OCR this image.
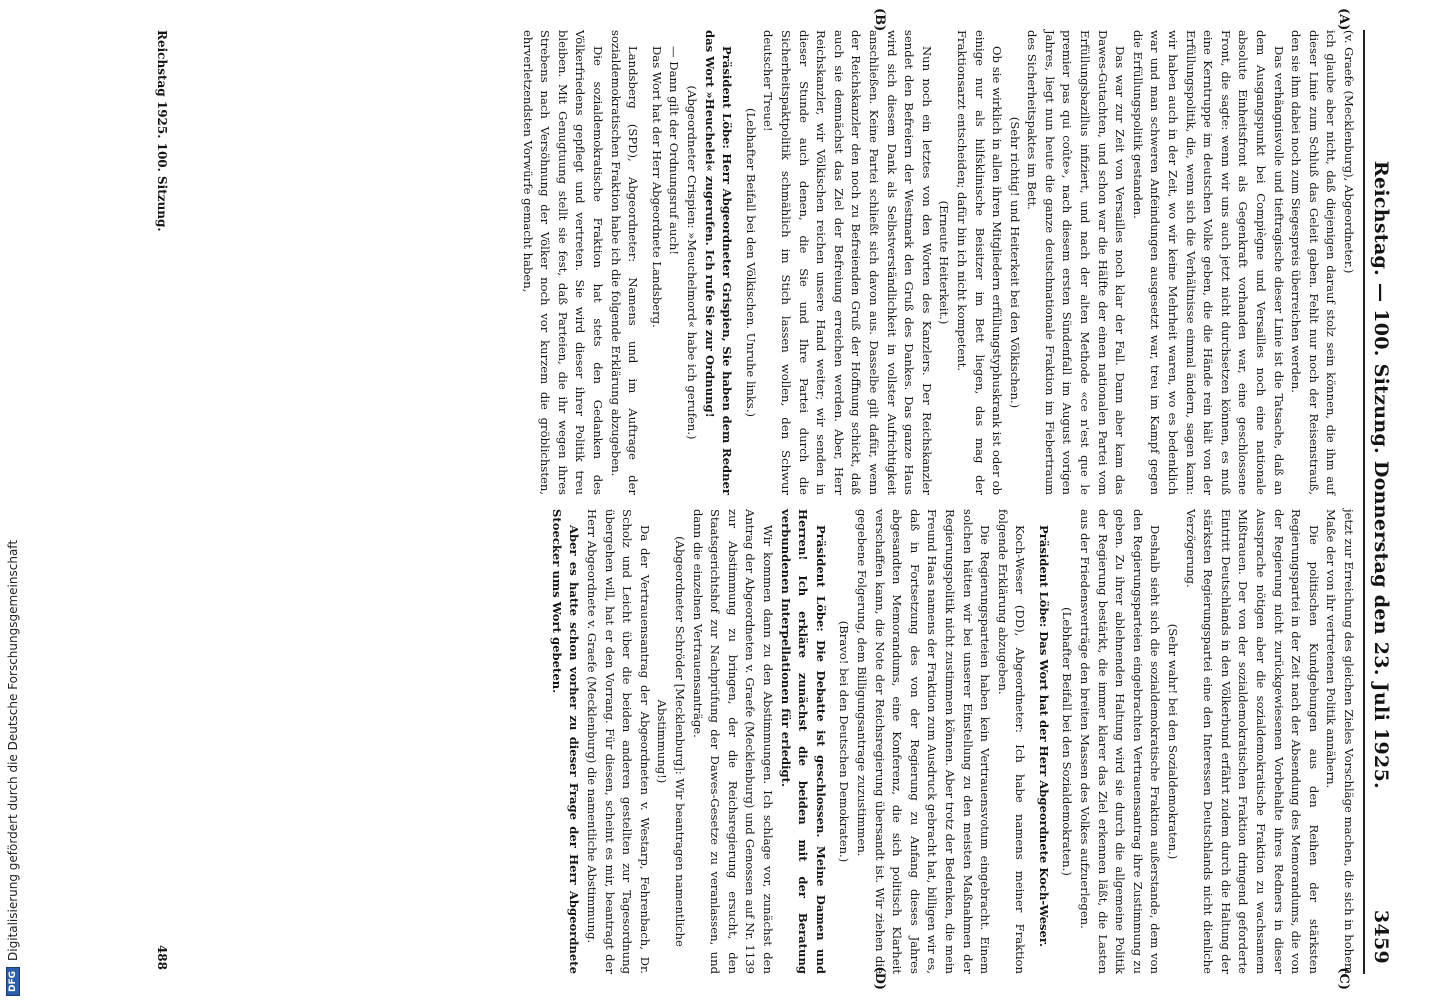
Reichstag. — 100. Sitzung. Donnerstag den 23. Juli 1925.
3459

(v. Graefe (Mecklenburg), Abgeordneter.)

ich glaube aber nicht, daß diejenigen darauf stolz sein können, die ihm auf dieser Linie zum Schluß das Geleit gaben. Fehlt nur noch der Reisenstrauß, den sie ihm dabei noch zum Siegespreis überreichen werden.

Das verhängnisvolle und tieftragische dieser Linie ist die Tatsache, daß an dem Ausgangspunkt bei Compiègne und Versailles noch eine nationale absolute Einheitsfront als Gegenkraft vorhanden war, eine geschlossene Front, die sagte: wenn wir uns auch jetzt nicht durchsetzen können, es muß eine Kerntruppe im deutschen Volke geben, die die Hände rein hält von der Erfüllungspolitik, die, wenn sich die Verhältnisse einmal ändern, sagen kann: wir haben auch in der Zeit, wo wir keine Mehrheit waren, wo es bedenklich war und man schweren Anfeindungen ausgesetzt war, treu im Kampf gegen die Erfüllungspolitik gestanden.

Das war zur Zeit von Versailles noch klar der Fall. Dann aber kam das Dawes-Gutachten, und schon war die Hälfte der einen nationalen Partei vom Erfüllungsbazillus infiziert, und nach der alten Methode «ce n'est que le premier pas qui coûte», nach diesem ersten Sündenfall im August vorigen Jahres, liegt nun heute die ganze deutschnationale Fraktion im Fiebertraum des Sicherheitspaktes im Bett.

(Sehr richtig! und Heiterkeit bei den Völkischen.)

Ob sie wirklich in allen ihren Mitgliedern erfüllungstyphuskrank ist oder ob einige nur als hilfsklinische Beisitzer im Bett liegen, das mag der Fraktionsarzt entscheiden; dafür bin ich nicht kompetent.

(Erneute Heiterkeit.)

Nun noch ein letztes von den Worten des Kanzlers. Der Reichskanzler sendet den Befreiern der Westmark den Gruß des Dankes. Das ganze Haus wird sich diesem Dank als Selbstverständlichkeit in vollster Aufrichtigkeit anschließen. Keine Partei schließt sich davon aus. Dasselbe gilt dafür, wenn der Reichskanzler den noch zu Befreienden Gruß der Hoffnung schickt, daß auch sie demnächst das Ziel der Befreiung erreichen werden. Aber, Herr Reichskanzler, wir Völkischen reichen unsere Hand weiter; wir senden in dieser Stunde auch denen, die Sie und Ihre Partei durch die Sicherheitspaktpolitik schmählich im Stich lassen wollen, den Schwur deutscher Treue!

(Lebhafter Beifall bei den Völkischen. Unruhe links.)

Präsident Löbe: Herr Abgeordneter Grispien, Sie haben dem Redner das Wort »Heuchelei« zugerufen. Ich rufe Sie zur Ordnung!

(Abgeordneter Crispien: »Meuchelmord« habe ich gerufen.)

— Dann gilt der Ordnungsruf auch!

Das Wort hat der Herr Abgeordnete Landsberg.

Landsberg (SPD), Abgeordneter: Namens und im Auftrage der sozialdemokratischen Fraktion habe ich die folgende Erklärung abzugeben.

Die sozialdemokratische Fraktion hat stets den Gedanken des Völkerfriedens gepflegt und vertreten. Sie wird dieser ihrer Politik treu bleiben. Mit Genugtuung stellt sie fest, daß Parteien, die ihr wegen ihres Strebens nach Versöhnung der Völker noch vor kurzem die gröblichsten, ehrverletzendsten Vorwürfe gemacht haben,

jetzt zur Erreichung des gleichen Zieles Vorschläge machen, die sich in hohem Maße der von ihr vertretenen Politik annähern.

Die politischen Kundgebungen aus den Reihen der stärksten Regierungspartei in der Zeit nach der Absendung des Memorandums, die von der Regierung nicht zurückgewiesenen Vorbehalte ihres Redners in dieser Aussprache nötigen aber die sozialdemokratische Fraktion zu wachsamem Mißtrauen. Der von der sozialdemokratischen Fraktion dringend geforderte Eintritt Deutschlands in den Völkerbund erfährt zudem durch die Haltung der stärksten Regierungspartei eine den Interessen Deutschlands nicht dienliche Verzögerung.

(Sehr wahr! bei den Sozialdemokraten.)

Deshalb sieht sich die sozialdemokratische Fraktion außerstande, dem von den Regierungsparteien eingebrachten Vertrauensantrag ihre Zustimmung zu geben. Zu ihrer ablehnenden Haltung wird sie durch die allgemeine Politik der Regierung bestärkt, die immer klarer das Ziel erkennen läßt, die Lasten aus der Friedensverträge den breiten Massen des Volkes aufzuerlegen.

(Lebhafter Beifall bei den Sozialdemokraten.)

Präsident Löbe: Das Wort hat der Herr Abgeordnete Koch-Weser.

Koch-Weser (DD), Abgeordneter: Ich habe namens meiner Fraktion folgende Erklärung abzugeben.

Die Regierungsparteien haben kein Vertrauensvotum eingebracht. Einem solchen hätten wir bei unserer Einstellung zu den meisten Maßnahmen der Regierungspolitik nicht zustimmen können. Aber trotz der Bedenken, die mein Freund Haas namens der Fraktion zum Ausdruck gebracht hat, billigen wir es, daß in Fortsetzung des von der Regierung zu Anfang dieses Jahres abgesandten Memorandums, eine Konferenz, die sich politisch Klarheit verschaffen kann, die Note der Reichsregierung übersandt ist. Wir ziehen die gegebene Folgerung, dem Billigungsantrage zuzustimmen.

(Bravo! bei den Deutschen Demokraten.)

Präsident Löbe: Die Debatte ist geschlossen. Meine Damen und Herren! Ich erkläre zunächst die beiden mit der Beratung verbundenen Interpellationen für erledigt.

Wir kommen dann zu den Abstimmungen. Ich schlage vor, zunächst den Antrag der Abgeordneten v. Graefe (Mecklenburg) und Genossen auf Nr. 1139 zur Abstimmung zu bringen, der die Reichsregierung ersucht, den Staatsgerichtshof zur Nachprüfung der Dawes-Gesetze zu veranlassen, und dann die einzelnen Vertrauensanträge.

(Abgeordneter Schröder [Mecklenburg]: Wir beantragen namentliche Abstimmung!)

Da der Vertrauensantrag der Abgeordneten v. Westarp, Fehrenbach, Dr. Scholz und Leicht über die beiden anderen gestellten zur Tagesordnung übergehen will, hat er den Vorrang. Für diesen, scheint es mir, beantragt der Herr Abgeordnete v. Graefe (Mecklenburg) die namentliche Abstimmung.

Aber es hatte schon vorher zu dieser Frage der Herr Abgeordnete Stoecker ums Wort gebeten.

(A)
(B)
(C)
(D)
Reichstag 1925. 100. Sitzung.
488
DFG
Digitalisierung gefördert durch die Deutsche Forschungsgemeinschaft
